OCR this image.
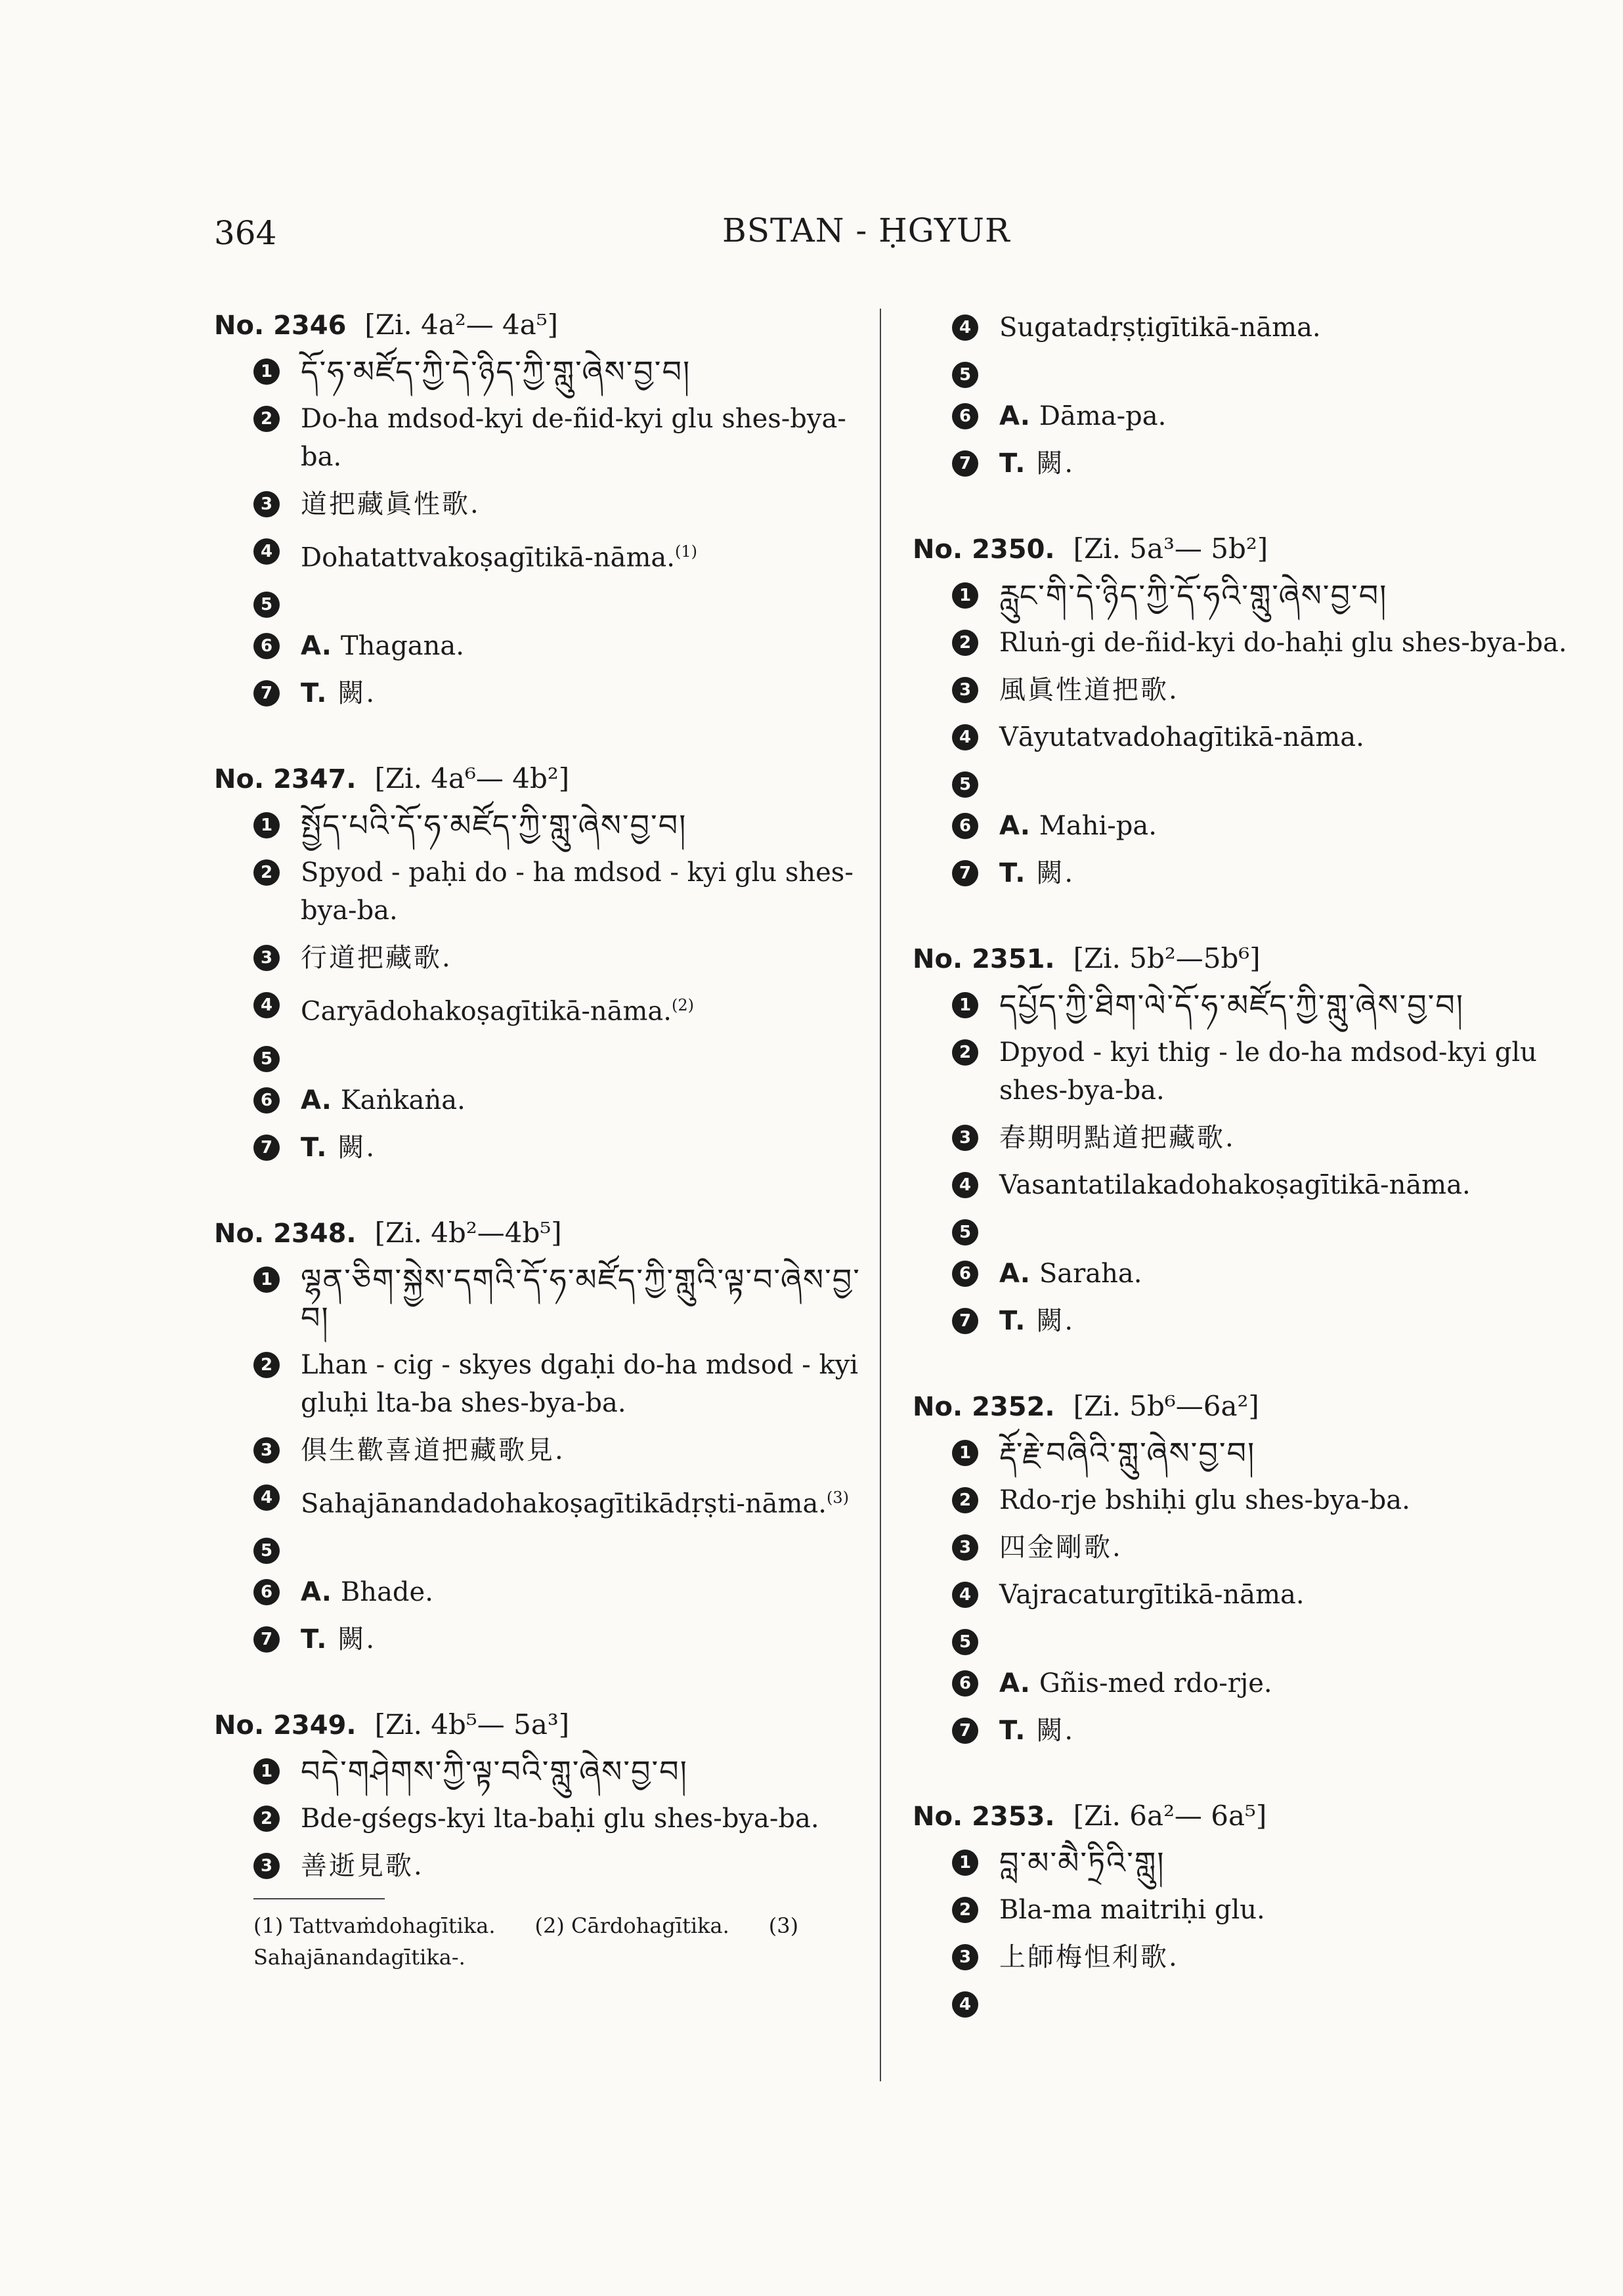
364	BSTAN - ḤGYUR
No. 2346 [Zi. 4a²— 4a⁵]
1 དོ་ཧ་མཛོད་ཀྱི་དེ་ཉིད་ཀྱི་གླུ་ཞེས་བྱ་བ།
2 Do-ha mdsod-kyi de-ñid-kyi glu shes-bya-ba.
3 道把藏眞性歌.
4 Dohatattvakoṣagītikā-nāma.$^{(1)}$
5
6 A. Thagana.
7 T. 闕.
No. 2347. [Zi. 4a⁶— 4b²]
1 སྤྱོད་པའི་དོ་ཧ་མཛོད་ཀྱི་གླུ་ཞེས་བྱ་བ།
2 Spyod - paḥi do - ha mdsod - kyi glu shes-bya-ba.
3 行道把藏歌.
4 Caryādohakoṣagītikā-nāma.$^{(2)}$
5
6 A. Kaṅkaṅa.
7 T. 闕.
No. 2348. [Zi. 4b²—4b⁵]
1 ལྷན་ཅིག་སྐྱེས་དགའི་དོ་ཧ་མཛོད་ཀྱི་གླུའི་ལྟ་བ་ཞེས་བྱ་བ།
2 Lhan - cig - skyes dgaḥi do-ha mdsod - kyi gluḥi lta-ba shes-bya-ba.
3 俱生歡喜道把藏歌見.
4 Sahajānandadohakoṣagītikādṛṣti-nāma.$^{(3)}$
5
6 A. Bhade.
7 T. 闕.
No. 2349. [Zi. 4b⁵— 5a³]
1 བདེ་གཤེགས་ཀྱི་ལྟ་བའི་གླུ་ཞེས་བྱ་བ།
2 Bde-gśegs-kyi lta-baḥi glu shes-bya-ba.
3 善逝見歌.
(1) Tattvaṁdohagītika. (2) Cārdohagītika. (3) Sahajānandagītika-.
4 Sugatadṛṣṭigītikā-nāma.
5
6 A. Dāma-pa.
7 T. 闕.
No. 2350. [Zi. 5a³— 5b²]
1 རླུང་གི་དེ་ཉིད་ཀྱི་དོ་ཧའི་གླུ་ཞེས་བྱ་བ།
2 Rluṅ-gi de-ñid-kyi do-haḥi glu shes-bya-ba.
3 風眞性道把歌.
4 Vāyutatvadohagītikā-nāma.
5
6 A. Mahi-pa.
7 T. 闕.
No. 2351. [Zi. 5b²—5b⁶]
1 དཔྱོད་ཀྱི་ཐིག་ལེ་དོ་ཧ་མཛོད་ཀྱི་གླུ་ཞེས་བྱ་བ།
2 Dpyod - kyi thig - le do-ha mdsod-kyi glu shes-bya-ba.
3 春期明點道把藏歌.
4 Vasantatilakadohakoṣagītikā-nāma.
5
6 A. Saraha.
7 T. 闕.
No. 2352. [Zi. 5b⁶—6a²]
1 རྡོ་རྗེ་བཞིའི་གླུ་ཞེས་བྱ་བ།
2 Rdo-rje bshiḥi glu shes-bya-ba.
3 四金剛歌.
4 Vajracaturgītikā-nāma.
5
6 A. Gñis-med rdo-rje.
7 T. 闕.
No. 2353. [Zi. 6a²— 6a⁵]
1 བླ་མ་མཻ་ཏྲིའི་གླུ།
2 Bla-ma maitriḥi glu.
3 上師梅怛利歌.
4
